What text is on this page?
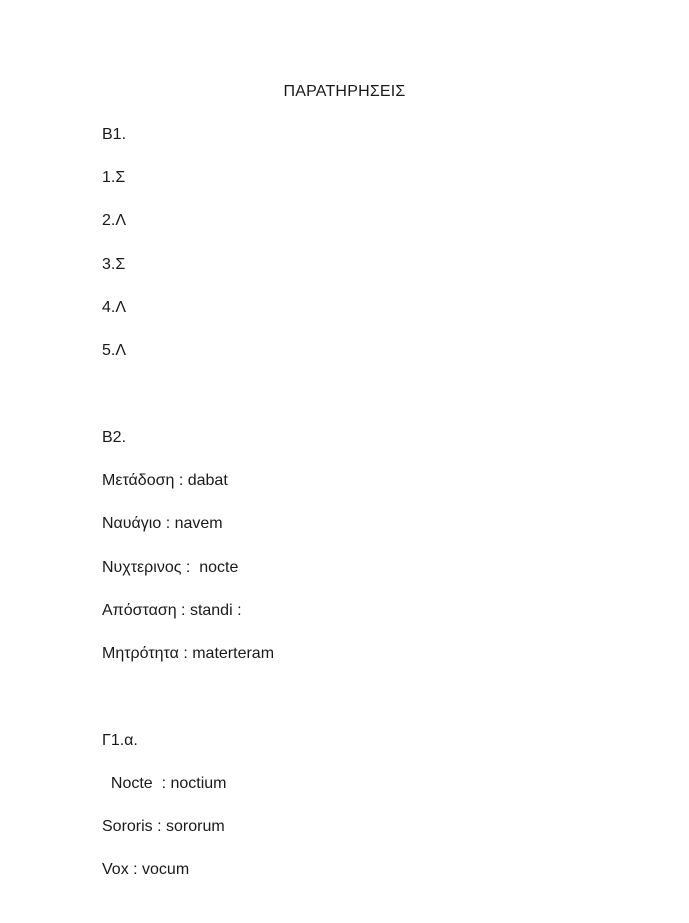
ΠΑΡΑΤΗΡΗΣΕΙΣ
B1.
1.Σ
2.Λ
3.Σ
4.Λ
5.Λ
B2.
Μετάδοση : dabat
Ναυάγιο : navem
Νυχτερινος :  nocte
Απόσταση : standi :
Μητρότητα : materteram
Γ1.α.
Nocte  : noctium
Sororis : sororum
Vox : vocum
